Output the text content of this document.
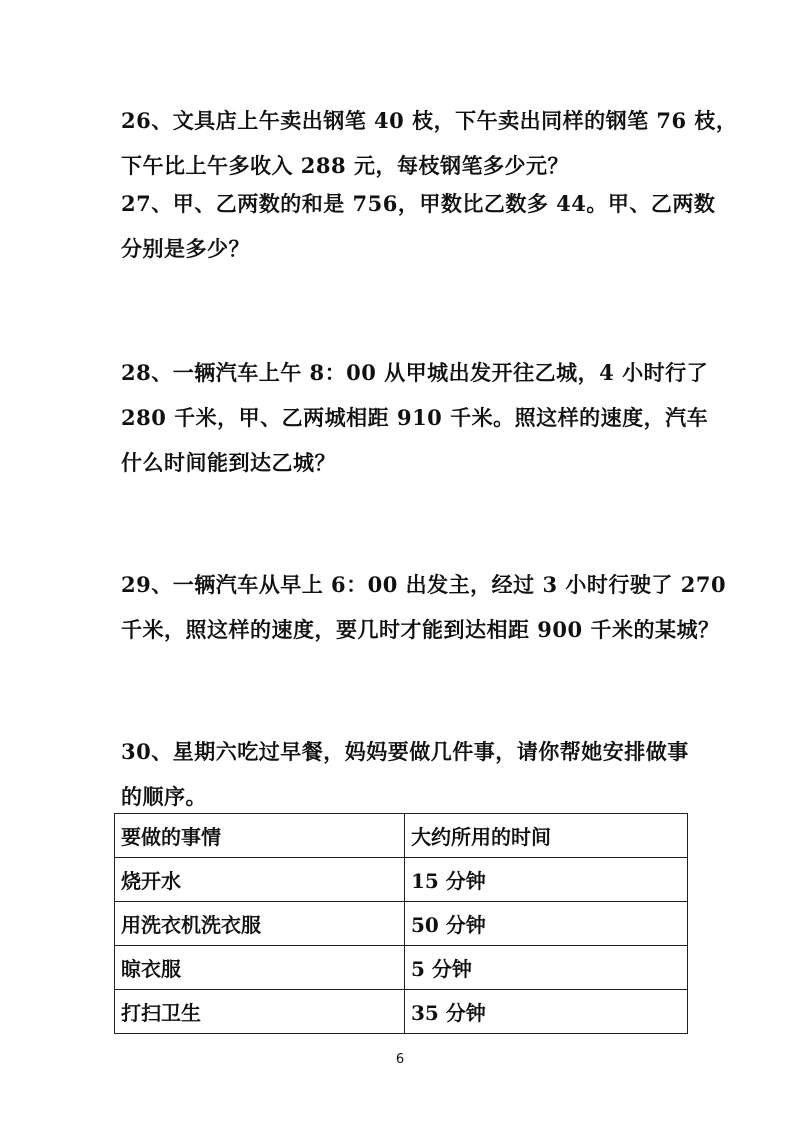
26、文具店上午卖出钢笔 40 枝，下午卖出同样的钢笔 76 枝，

下午比上午多收入 288 元，每枝钢笔多少元？

27、甲、乙两数的和是 756，甲数比乙数多 44。甲、乙两数

分别是多少？

28、一辆汽车上午 8：00 从甲城出发开往乙城，4 小时行了

280 千米，甲、乙两城相距 910 千米。照这样的速度，汽车

什么时间能到达乙城？

29、一辆汽车从早上 6：00 出发主，经过 3 小时行驶了 270

千米，照这样的速度，要几时才能到达相距 900 千米的某城？

30、星期六吃过早餐，妈妈要做几件事，请你帮她安排做事

的顺序。

要做的事情	大约所用的时间
烧开水	15 分钟
用洗衣机洗衣服	50 分钟
晾衣服	5 分钟
打扫卫生	35 分钟
6
